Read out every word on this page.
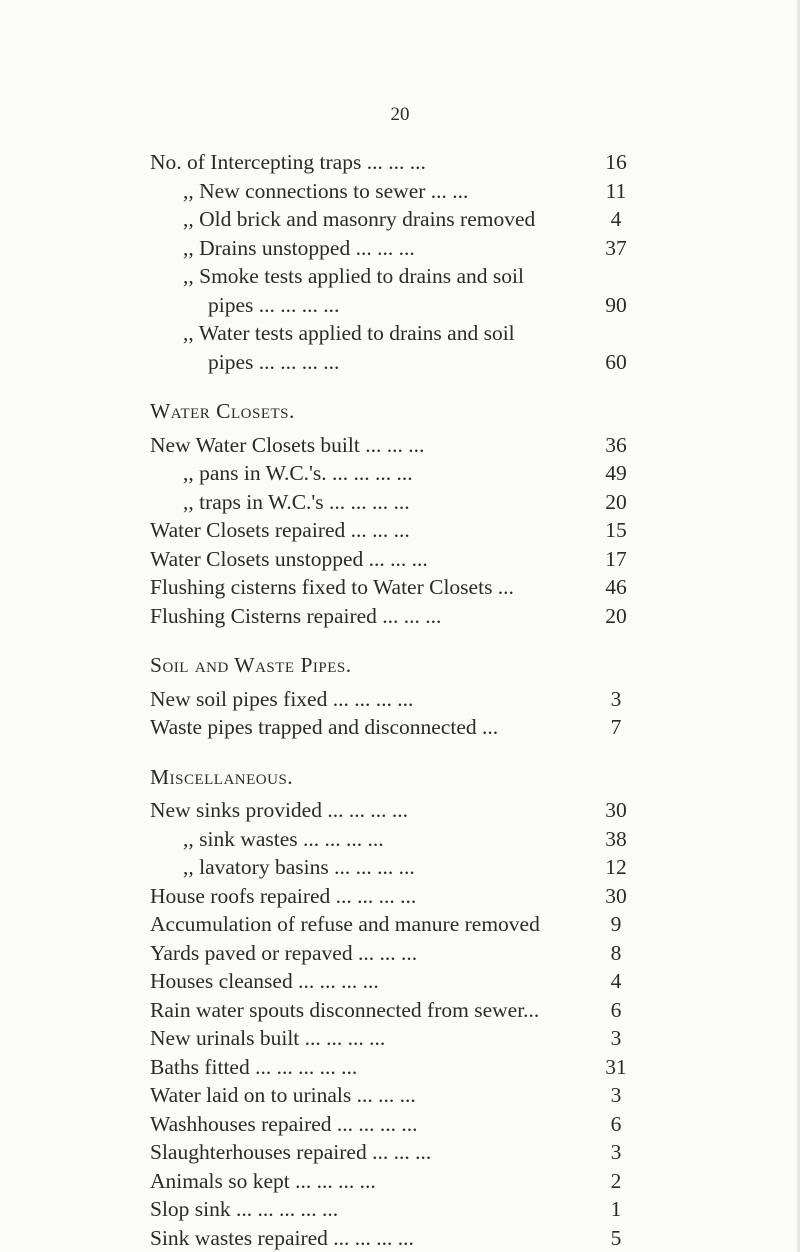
20
No. of Intercepting traps ... ... ...	16
,, New connections to sewer ... ...	11
,, Old brick and masonry drains removed	4
,, Drains unstopped ... ... ...	37
,, Smoke tests applied to drains and soil
pipes ... ... ... ...	90
,, Water tests applied to drains and soil
pipes ... ... ... ...	60
Water Closets.
New Water Closets built ... ... ...	36
,, pans in W.C.'s. ... ... ... ...	49
,, traps in W.C.'s ... ... ... ...	20
Water Closets repaired ... ... ...	15
Water Closets unstopped ... ... ...	17
Flushing cisterns fixed to Water Closets ...	46
Flushing Cisterns repaired ... ... ...	20
Soil and Waste Pipes.
New soil pipes fixed ... ... ... ...	3
Waste pipes trapped and disconnected ...	7
Miscellaneous.
New sinks provided ... ... ... ...	30
,, sink wastes ... ... ... ...	38
,, lavatory basins ... ... ... ...	12
House roofs repaired ... ... ... ...	30
Accumulation of refuse and manure removed	9
Yards paved or repaved ... ... ...	8
Houses cleansed ... ... ... ...	4
Rain water spouts disconnected from sewer...	6
New urinals built ... ... ... ...	3
Baths fitted ... ... ... ... ...	31
Water laid on to urinals ... ... ...	3
Washhouses repaired ... ... ... ...	6
Slaughterhouses repaired ... ... ...	3
Animals so kept ... ... ... ...	2
Slop sink ... ... ... ... ...	1
Sink wastes repaired ... ... ... ...	5
